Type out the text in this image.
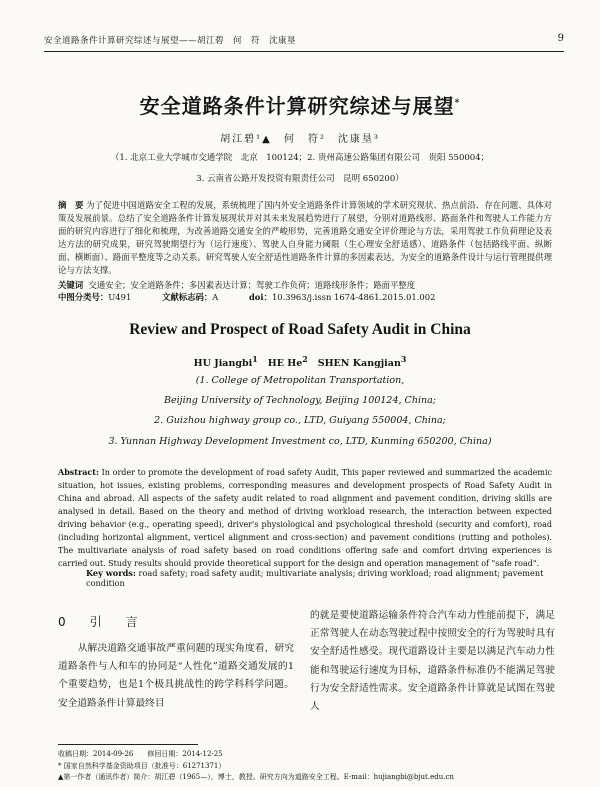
安全道路条件计算研究综述与展望——胡江碧　何　符　沈康垦	9
安全道路条件计算研究综述与展望*
胡江碧¹▲　何　符²　沈康垦³
（1. 北京工业大学城市交通学院　北京　100124；2. 贵州高速公路集团有限公司　贵阳 550004；
3. 云南省公路开发投资有限责任公司　昆明 650200）
摘　要 为了促进中国道路安全工程的发展，系统梳理了国内外安全道路条件计算领域的学术研究现状、热点前沿、存在问题、具体对策及发展前景。总结了安全道路条件计算发展现状并对其未来发展趋势进行了展望，分别对道路线形、路面条件和驾驶人工作能力方面的研究内容进行了细化和梳理，为改善道路交通安全的严峻形势，完善道路交通安全评价理论与方法，采用驾驶工作负荷理论及表达方法的研究成果，研究驾驶期望行为（运行速度）、驾驶人自身能力阈限（生心理安全舒适感）、道路条件（包括路线平面、纵断面、横断面）、路面平整度等之动关系。研究驾驶人安全舒适性道路条件计算的多因素表达，为安全的道路条件设计与运行管理提供理论与方法支撑。
关键词 交通安全；安全道路条件；多因素表达计算；驾驶工作负荷；道路线形条件；路面平整度
中图分类号：U491	文献标志码：A	doi：10.3963/j.issn 1674-4861.2015.01.002
Review and Prospect of Road Safety Audit in China
HU Jiangbi$^1$ HE He$^2$ SHEN Kangjian$^3$
(1. College of Metropolitan Transportation,
Beijing University of Technology, Beijing 100124, China;
2. Guizhou highway group co., LTD, Guiyang 550004, China;
3. Yunnan Highway Development Investment co, LTD, Kunming 650200, China)
Abstract: In order to promote the development of road safety Audit, This paper reviewed and summarized the academic situation, hot issues, existing problems, corresponding measures and development prospects of Road Safety Audit in China and abroad. All aspects of the safety audit related to road alignment and pavement condition, driving skills are analysed in detail. Based on the theory and method of driving workload research, the interaction between expected driving behavior (e.g., operating speed), driver's physiological and psychological threshold (security and comfort), road (including horizontal alignment, verticel alignment and cross-section) and pavement conditions (rutting and potholes). The multivariate analysis of road safety based on road conditions offering safe and comfort driving experiences is carried out. Study results should provide theoretical support for the design and operation management of "safe road".
Key words: road safety; road safety audit; multivariate analysis; driving workload; road alignment; pavement condition
0　引　言
　　从解决道路交通事故严重问题的现实角度看，研究道路条件与人和车的协同是“人性化”道路交通发展的1个重要趋势，也是1个极具挑战性的跨学科科学问题。安全道路条件计算最终目
的就是要使道路运输条件符合汽车动力性能前提下，满足正常驾驶人在动态驾驶过程中按照安全的行为驾驶时具有安全舒适性感受。现代道路设计主要是以满足汽车动力性能和驾驶运行速度为目标，道路条件标准仍不能满足驾驶行为安全舒适性需求。安全道路条件计算就是试图在驾驶人
收稿日期：2014-09-26　　修回日期：2014-12-25
* 国家自然科学基金资助项目（批准号：61271371）
▲第一作者（通讯作者）简介：胡江碧（1965—），博士，教授。研究方向为道路安全工程。E-mail：hujiangbi@bjut.edu.cn
